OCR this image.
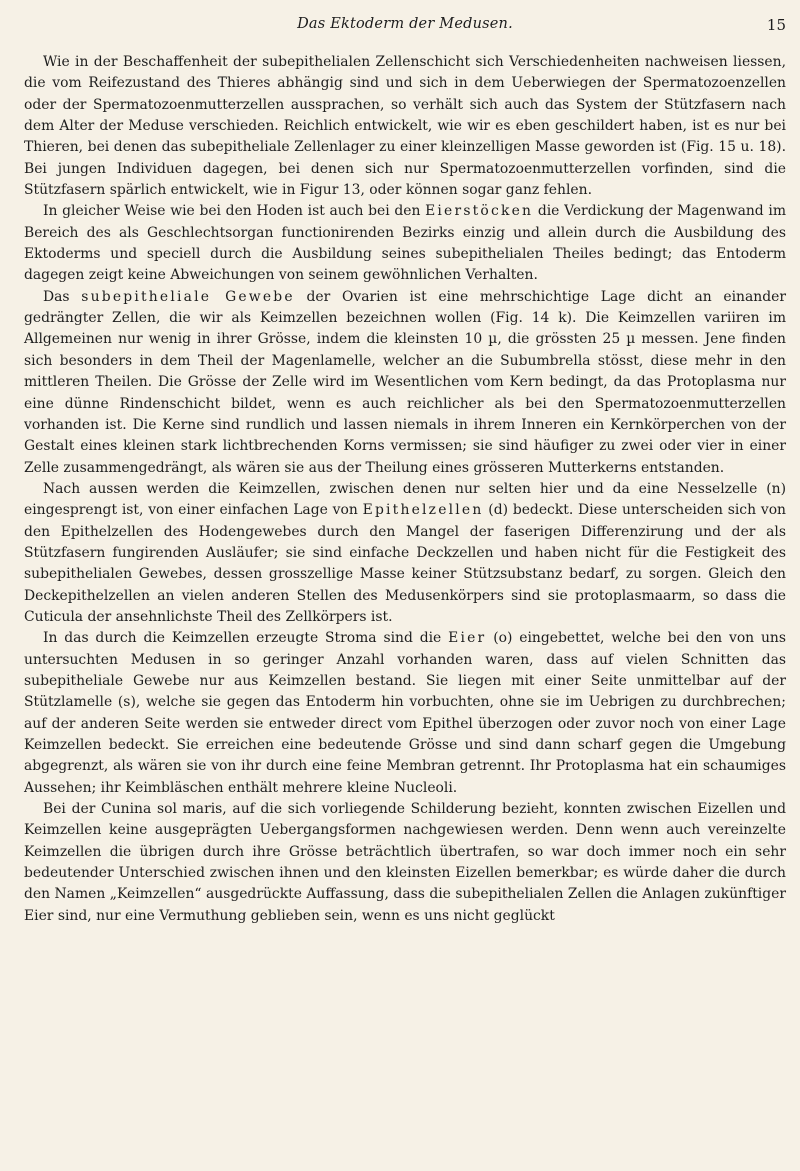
Das Ektoderm der Medusen.	15

Wie in der Beschaffenheit der subepithelialen Zellenschicht sich Verschiedenheiten nachweisen liessen, die vom Reifezustand des Thieres abhängig sind und sich in dem Ueberwiegen der Spermatozoenzellen oder der Spermatozoenmutterzellen aussprachen, so verhält sich auch das System der Stützfasern nach dem Alter der Meduse verschieden. Reichlich entwickelt, wie wir es eben geschildert haben, ist es nur bei Thieren, bei denen das subepitheliale Zellenlager zu einer kleinzelligen Masse geworden ist (Fig. 15 u. 18). Bei jungen Individuen dagegen, bei denen sich nur Spermatozoenmutterzellen vorfinden, sind die Stützfasern spärlich entwickelt, wie in Figur 13, oder können sogar ganz fehlen.

In gleicher Weise wie bei den Hoden ist auch bei den Eierstöcken die Verdickung der Magenwand im Bereich des als Geschlechtsorgan functionirenden Bezirks einzig und allein durch die Ausbildung des Ektoderms und speciell durch die Ausbildung seines subepithelialen Theiles bedingt; das Entoderm dagegen zeigt keine Abweichungen von seinem gewöhnlichen Verhalten.

Das subepitheliale Gewebe der Ovarien ist eine mehrschichtige Lage dicht an einander gedrängter Zellen, die wir als Keimzellen bezeichnen wollen (Fig. 14 k). Die Keimzellen variiren im Allgemeinen nur wenig in ihrer Grösse, indem die kleinsten 10 µ, die grössten 25 µ messen. Jene finden sich besonders in dem Theil der Magenlamelle, welcher an die Subumbrella stösst, diese mehr in den mittleren Theilen. Die Grösse der Zelle wird im Wesentlichen vom Kern bedingt, da das Protoplasma nur eine dünne Rindenschicht bildet, wenn es auch reichlicher als bei den Spermatozoenmutterzellen vorhanden ist. Die Kerne sind rundlich und lassen niemals in ihrem Inneren ein Kernkörperchen von der Gestalt eines kleinen stark lichtbrechenden Korns vermissen; sie sind häufiger zu zwei oder vier in einer Zelle zusammengedrängt, als wären sie aus der Theilung eines grösseren Mutterkerns entstanden.

Nach aussen werden die Keimzellen, zwischen denen nur selten hier und da eine Nesselzelle (n) eingesprengt ist, von einer einfachen Lage von Epithelzellen (d) bedeckt. Diese unterscheiden sich von den Epithelzellen des Hodengewebes durch den Mangel der faserigen Differenzirung und der als Stützfasern fungirenden Ausläufer; sie sind einfache Deckzellen und haben nicht für die Festigkeit des subepithelialen Gewebes, dessen grosszellige Masse keiner Stützsubstanz bedarf, zu sorgen. Gleich den Deckepithelzellen an vielen anderen Stellen des Medusenkörpers sind sie protoplasmaarm, so dass die Cuticula der ansehnlichste Theil des Zellkörpers ist.

In das durch die Keimzellen erzeugte Stroma sind die Eier (o) eingebettet, welche bei den von uns untersuchten Medusen in so geringer Anzahl vorhanden waren, dass auf vielen Schnitten das subepitheliale Gewebe nur aus Keimzellen bestand. Sie liegen mit einer Seite unmittelbar auf der Stützlamelle (s), welche sie gegen das Entoderm hin vorbuchten, ohne sie im Uebrigen zu durchbrechen; auf der anderen Seite werden sie entweder direct vom Epithel überzogen oder zuvor noch von einer Lage Keimzellen bedeckt. Sie erreichen eine bedeutende Grösse und sind dann scharf gegen die Umgebung abgegrenzt, als wären sie von ihr durch eine feine Membran getrennt. Ihr Protoplasma hat ein schaumiges Aussehen; ihr Keimbläschen enthält mehrere kleine Nucleoli.

Bei der Cunina sol maris, auf die sich vorliegende Schilderung bezieht, konnten zwischen Eizellen und Keimzellen keine ausgeprägten Uebergangsformen nachgewiesen werden. Denn wenn auch vereinzelte Keimzellen die übrigen durch ihre Grösse beträchtlich übertrafen, so war doch immer noch ein sehr bedeutender Unterschied zwischen ihnen und den kleinsten Eizellen bemerkbar; es würde daher die durch den Namen „Keimzellen“ ausgedrückte Auffassung, dass die subepithelialen Zellen die Anlagen zukünftiger Eier sind, nur eine Vermuthung geblieben sein, wenn es uns nicht geglückt
